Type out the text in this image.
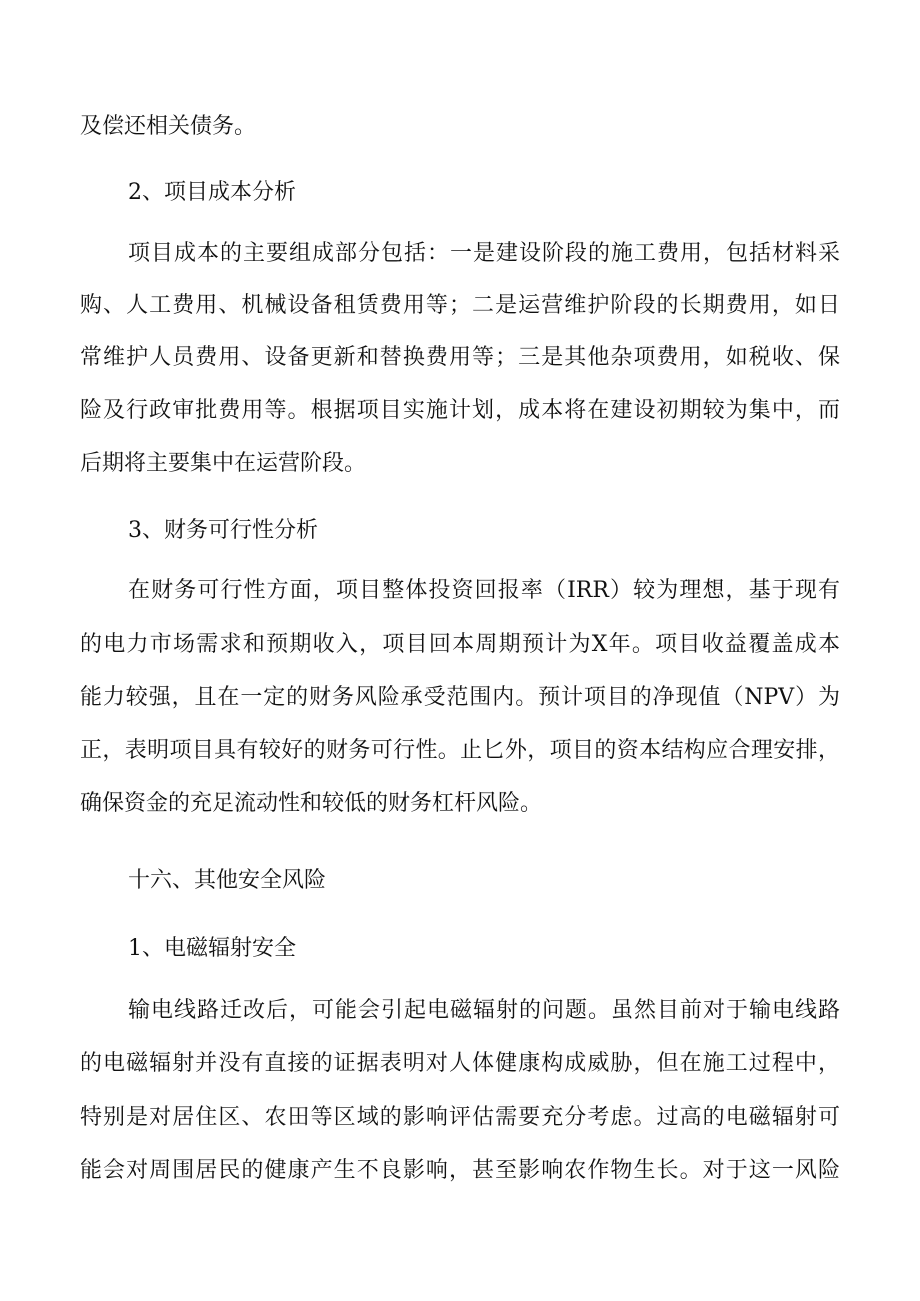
及偿还相关债务。
2、项目成本分析
项目成本的主要组成部分包括：一是建设阶段的施工费用，包括材料采
购、人工费用、机械设备租赁费用等；二是运营维护阶段的长期费用，如日
常维护人员费用、设备更新和替换费用等；三是其他杂项费用，如税收、保
险及行政审批费用等。根据项目实施计划，成本将在建设初期较为集中，而
后期将主要集中在运营阶段。
3、财务可行性分析
在财务可行性方面，项目整体投资回报率（IRR）较为理想，基于现有
的电力市场需求和预期收入，项目回本周期预计为X年。项目收益覆盖成本
能力较强，且在一定的财务风险承受范围内。预计项目的净现值（NPV）为
正，表明项目具有较好的财务可行性。止匕外，项目的资本结构应合理安排，
确保资金的充足流动性和较低的财务杠杆风险。
十六、其他安全风险
1、电磁辐射安全
输电线路迁改后，可能会引起电磁辐射的问题。虽然目前对于输电线路
的电磁辐射并没有直接的证据表明对人体健康构成威胁，但在施工过程中，
特别是对居住区、农田等区域的影响评估需要充分考虑。过高的电磁辐射可
能会对周围居民的健康产生不良影响，甚至影响农作物生长。对于这一风险
